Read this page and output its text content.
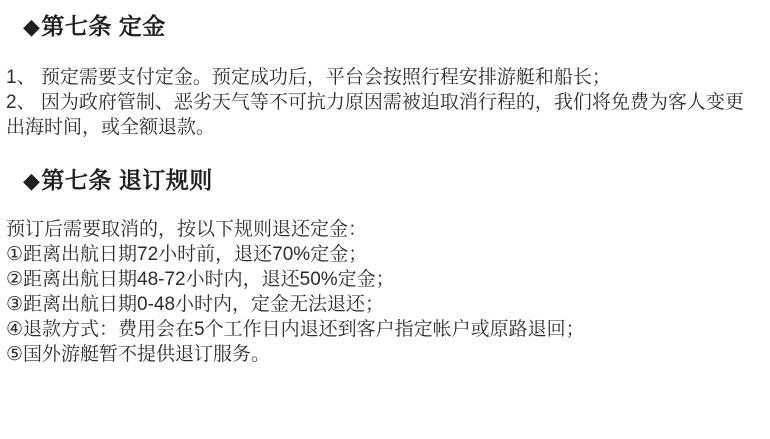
◆第七条 定金
1、 预定需要支付定金。预定成功后，平台会按照行程安排游艇和船长；
2、 因为政府管制、恶劣天气等不可抗力原因需被迫取消行程的，我们将免费为客人变更出海时间，或全额退款。
◆第七条 退订规则
预订后需要取消的，按以下规则退还定金：
①距离出航日期72小时前，退还70%定金；
②距离出航日期48-72小时内，退还50%定金；
③距离出航日期0-48小时内，定金无法退还；
④退款方式：费用会在5个工作日内退还到客户指定帐户或原路退回；
⑤国外游艇暂不提供退订服务。
